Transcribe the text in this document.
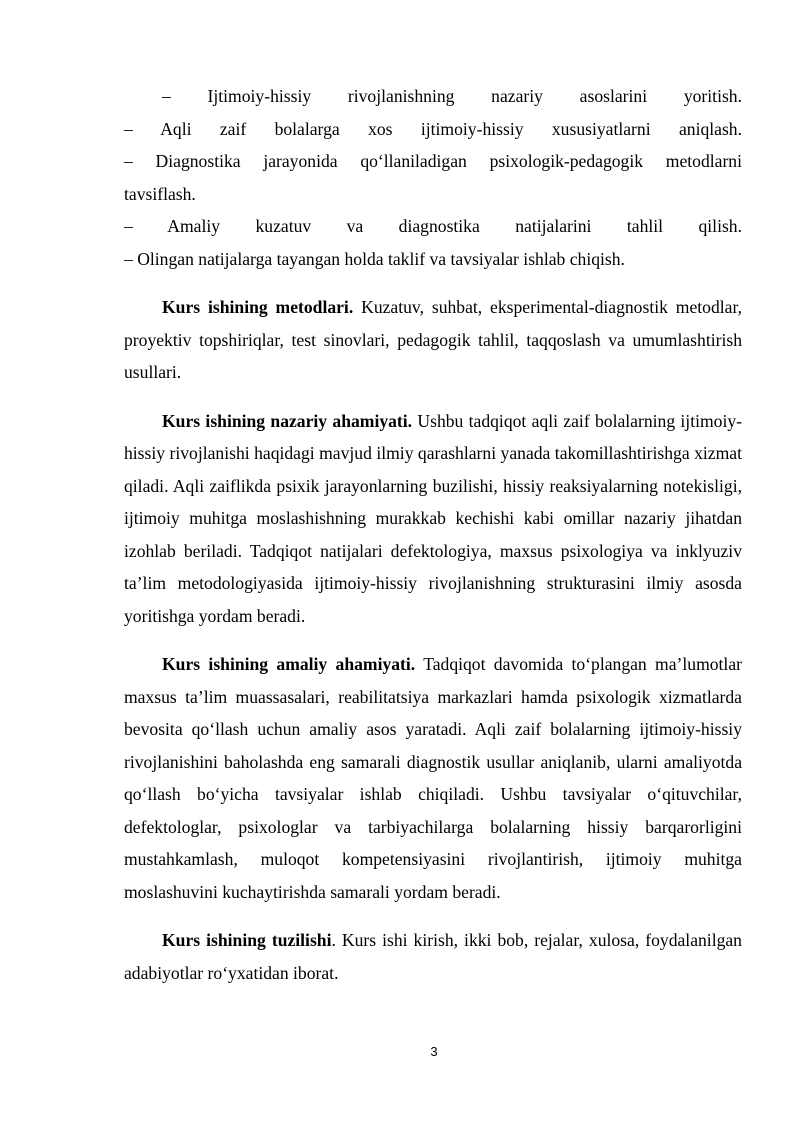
– Ijtimoiy-hissiy rivojlanishning nazariy asoslarini yoritish.
– Aqli zaif bolalarga xos ijtimoiy-hissiy xususiyatlarni aniqlash.
– Diagnostika jarayonida qo‘llaniladigan psixologik-pedagogik metodlarni
tavsiflash.
– Amaliy kuzatuv va diagnostika natijalarini tahlil qilish.
– Olingan natijalarga tayangan holda taklif va tavsiyalar ishlab chiqish.
Kurs ishining metodlari. Kuzatuv, suhbat, eksperimental-diagnostik metodlar, proyektiv topshiriqlar, test sinovlari, pedagogik tahlil, taqqoslash va umumlashtirish usullari.
Kurs ishining nazariy ahamiyati. Ushbu tadqiqot aqli zaif bolalarning ijtimoiy-hissiy rivojlanishi haqidagi mavjud ilmiy qarashlarni yanada takomillashtirishga xizmat qiladi. Aqli zaiflikda psixik jarayonlarning buzilishi, hissiy reaksiyalarning notekisligi, ijtimoiy muhitga moslashishning murakkab kechishi kabi omillar nazariy jihatdan izohlab beriladi. Tadqiqot natijalari defektologiya, maxsus psixologiya va inklyuziv ta’lim metodologiyasida ijtimoiy-hissiy rivojlanishning strukturasini ilmiy asosda yoritishga yordam beradi.
Kurs ishining amaliy ahamiyati. Tadqiqot davomida to‘plangan ma’lumotlar maxsus ta’lim muassasalari, reabilitatsiya markazlari hamda psixologik xizmatlarda bevosita qo‘llash uchun amaliy asos yaratadi. Aqli zaif bolalarning ijtimoiy-hissiy rivojlanishini baholashda eng samarali diagnostik usullar aniqlanib, ularni amaliyotda qo‘llash bo‘yicha tavsiyalar ishlab chiqiladi. Ushbu tavsiyalar o‘qituvchilar, defektologlar, psixologlar va tarbiyachilarga bolalarning hissiy barqarorligini mustahkamlash, muloqot kompetensiyasini rivojlantirish, ijtimoiy muhitga moslashuvini kuchaytirishda samarali yordam beradi.
Kurs ishining tuzilishi. Kurs ishi kirish, ikki bob, rejalar, xulosa, foydalanilgan adabiyotlar ro‘yxatidan iborat.
3
